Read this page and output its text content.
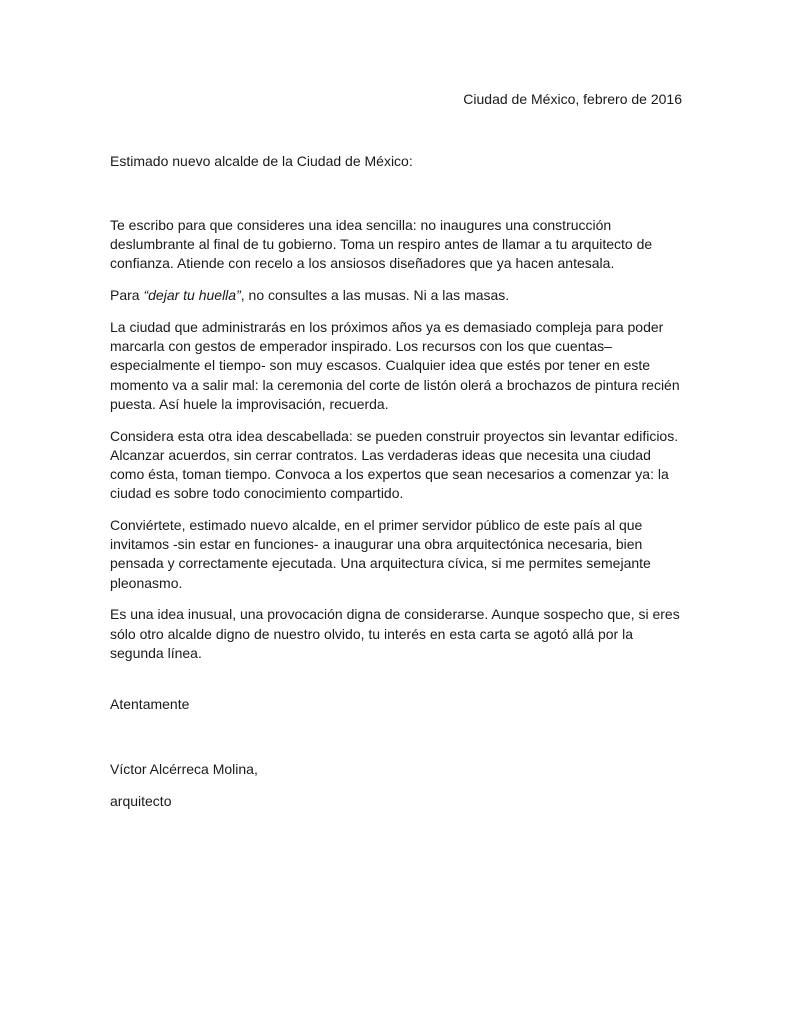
Ciudad de México, febrero de 2016
Estimado nuevo alcalde de la Ciudad de México:

Te escribo para que consideres una idea sencilla: no inaugures una construcción deslumbrante al final de tu gobierno. Toma un respiro antes de llamar a tu arquitecto de confianza. Atiende con recelo a los ansiosos diseñadores que ya hacen antesala.

Para “dejar tu huella”, no consultes a las musas. Ni a las masas.

La ciudad que administrarás en los próximos años ya es demasiado compleja para poder marcarla con gestos de emperador inspirado. Los recursos con los que cuentas–especialmente el tiempo- son muy escasos. Cualquier idea que estés por tener en este momento va a salir mal: la ceremonia del corte de listón olerá a brochazos de pintura recién puesta. Así huele la improvisación, recuerda.

Considera esta otra idea descabellada: se pueden construir proyectos sin levantar edificios. Alcanzar acuerdos, sin cerrar contratos. Las verdaderas ideas que necesita una ciudad como ésta, toman tiempo. Convoca a los expertos que sean necesarios a comenzar ya: la ciudad es sobre todo conocimiento compartido.

Conviértete, estimado nuevo alcalde, en el primer servidor público de este país al que invitamos -sin estar en funciones- a inaugurar una obra arquitectónica necesaria, bien pensada y correctamente ejecutada. Una arquitectura cívica, si me permites semejante pleonasmo.

Es una idea inusual, una provocación digna de considerarse. Aunque sospecho que, si eres sólo otro alcalde digno de nuestro olvido, tu interés en esta carta se agotó allá por la segunda línea.

Atentamente
Víctor Alcérreca Molina,
arquitecto
